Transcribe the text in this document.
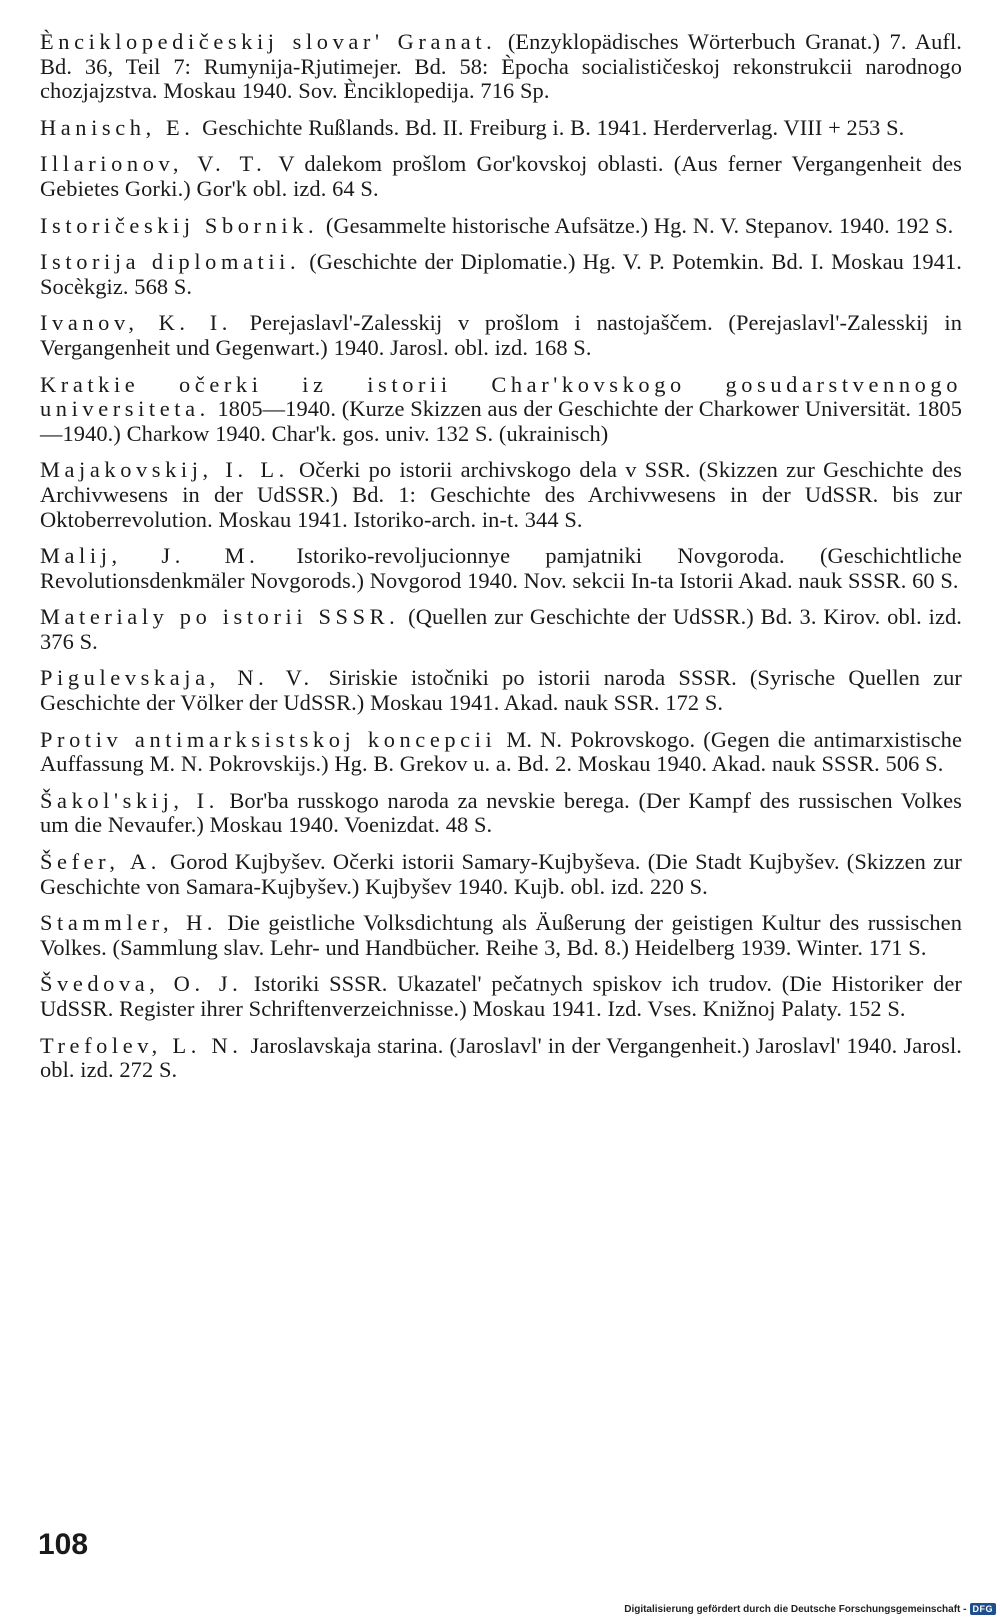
Ènciklopedičeskij slovar' Granat. (Enzyklopädisches Wörterbuch Granat.) 7. Aufl. Bd. 36, Teil 7: Rumynija-Rjutimejer. Bd. 58: Èpocha socialističeskoj rekonstrukcii narodnogo chozjajzstva. Moskau 1940. Sov. Ènciklopedija. 716 Sp.

Hanisch, E. Geschichte Rußlands. Bd. II. Freiburg i. B. 1941. Herderverlag. VIII + 253 S.

Illarionov, V. T. V dalekom prošlom Gor'kovskoj oblasti. (Aus ferner Vergangenheit des Gebietes Gorki.) Gor'k obl. izd. 64 S.

Istoričeskij Sbornik. (Gesammelte historische Aufsätze.) Hg. N. V. Stepanov. 1940. 192 S.

Istorija diplomatii. (Geschichte der Diplomatie.) Hg. V. P. Potemkin. Bd. I. Moskau 1941. Socèkgiz. 568 S.

Ivanov, K. I. Perejaslavl'-Zalesskij v prošlom i nastojaščem. (Perejaslavl'-Zalesskij in Vergangenheit und Gegenwart.) 1940. Jarosl. obl. izd. 168 S.

Kratkie očerki iz istorii Char'kovskogo gosudarstvennogo universiteta. 1805—1940. (Kurze Skizzen aus der Geschichte der Charkower Universität. 1805—1940.) Charkow 1940. Char'k. gos. univ. 132 S. (ukrainisch)

Majakovskij, I. L. Očerki po istorii archivskogo dela v SSR. (Skizzen zur Geschichte des Archivwesens in der UdSSR.) Bd. 1: Geschichte des Archivwesens in der UdSSR. bis zur Oktoberrevolution. Moskau 1941. Istoriko-arch. in-t. 344 S.

Malij, J. M. Istoriko-revoljucionnye pamjatniki Novgoroda. (Geschichtliche Revolutionsdenkmäler Novgorods.) Novgorod 1940. Nov. sekcii In-ta Istorii Akad. nauk SSSR. 60 S.

Materialy po istorii SSSR. (Quellen zur Geschichte der UdSSR.) Bd. 3. Kirov. obl. izd. 376 S.

Pigulevskaja, N. V. Siriskie istočniki po istorii naroda SSSR. (Syrische Quellen zur Geschichte der Völker der UdSSR.) Moskau 1941. Akad. nauk SSR. 172 S.

Protiv antimarksistskoj koncepcii M. N. Pokrovskogo. (Gegen die antimarxistische Auffassung M. N. Pokrovskijs.) Hg. B. Grekov u. a. Bd. 2. Moskau 1940. Akad. nauk SSSR. 506 S.

Šakol'skij, I. Bor'ba russkogo naroda za nevskie berega. (Der Kampf des russischen Volkes um die Nevaufer.) Moskau 1940. Voenizdat. 48 S.

Šefer, A. Gorod Kujbyšev. Očerki istorii Samary-Kujbyševa. (Die Stadt Kujbyšev. (Skizzen zur Geschichte von Samara-Kujbyšev.) Kujbyšev 1940. Kujb. obl. izd. 220 S.

Stammler, H. Die geistliche Volksdichtung als Äußerung der geistigen Kultur des russischen Volkes. (Sammlung slav. Lehr- und Handbücher. Reihe 3, Bd. 8.) Heidelberg 1939. Winter. 171 S.

Švedova, O. J. Istoriki SSSR. Ukazatel' pečatnych spiskov ich trudov. (Die Historiker der UdSSR. Register ihrer Schriftenverzeichnisse.) Moskau 1941. Izd. Vses. Knižnoj Palaty. 152 S.

Trefolev, L. N. Jaroslavskaja starina. (Jaroslavl' in der Vergangenheit.) Jaroslavl' 1940. Jarosl. obl. izd. 272 S.

108
Digitalisierung gefördert durch die Deutsche Forschungsgemeinschaft - DFG
